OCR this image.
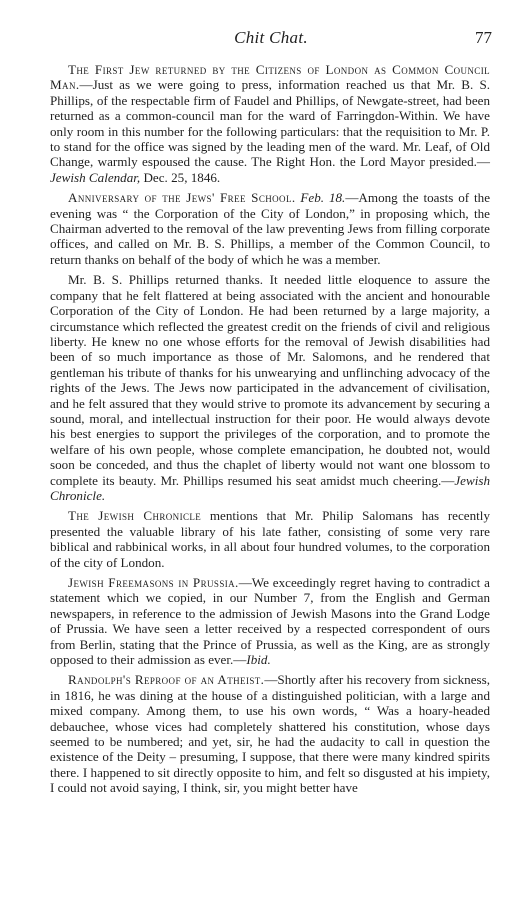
Chit Chat.	77

The First Jew returned by the Citizens of London as Common Council Man.—Just as we were going to press, information reached us that Mr. B. S. Phillips, of the respectable firm of Faudel and Phillips, of Newgate-street, had been returned as a common-council man for the ward of Farringdon-Within. We have only room in this number for the following particulars: that the requisition to Mr. P. to stand for the office was signed by the leading men of the ward. Mr. Leaf, of Old Change, warmly espoused the cause. The Right Hon. the Lord Mayor presided.—Jewish Calendar, Dec. 25, 1846.

Anniversary of the Jews' Free School. Feb. 18.—Among the toasts of the evening was “ the Corporation of the City of London,” in proposing which, the Chairman adverted to the removal of the law preventing Jews from filling corporate offices, and called on Mr. B. S. Phillips, a member of the Common Council, to return thanks on behalf of the body of which he was a member.

Mr. B. S. Phillips returned thanks. It needed little eloquence to assure the company that he felt flattered at being associated with the ancient and honourable Corporation of the City of London. He had been returned by a large majority, a circumstance which reflected the greatest credit on the friends of civil and religious liberty. He knew no one whose efforts for the removal of Jewish disabilities had been of so much importance as those of Mr. Salomons, and he rendered that gentleman his tribute of thanks for his unwearying and unflinching advocacy of the rights of the Jews. The Jews now participated in the advancement of civilisation, and he felt assured that they would strive to promote its advancement by securing a sound, moral, and intellectual instruction for their poor. He would always devote his best energies to support the privileges of the corporation, and to promote the welfare of his own people, whose complete emancipation, he doubted not, would soon be conceded, and thus the chaplet of liberty would not want one blossom to complete its beauty. Mr. Phillips resumed his seat amidst much cheering.—Jewish Chronicle.

The Jewish Chronicle mentions that Mr. Philip Salomans has recently presented the valuable library of his late father, consisting of some very rare biblical and rabbinical works, in all about four hundred volumes, to the corporation of the city of London.

Jewish Freemasons in Prussia.—We exceedingly regret having to contradict a statement which we copied, in our Number 7, from the English and German newspapers, in reference to the admission of Jewish Masons into the Grand Lodge of Prussia. We have seen a letter received by a respected correspondent of ours from Berlin, stating that the Prince of Prussia, as well as the King, are as strongly opposed to their admission as ever.—Ibid.

Randolph's Reproof of an Atheist.—Shortly after his recovery from sickness, in 1816, he was dining at the house of a distinguished politician, with a large and mixed company. Among them, to use his own words, “ Was a hoary-headed debauchee, whose vices had completely shattered his constitution, whose days seemed to be numbered; and yet, sir, he had the audacity to call in question the existence of the Deity – presuming, I suppose, that there were many kindred spirits there. I happened to sit directly opposite to him, and felt so disgusted at his impiety, I could not avoid saying, I think, sir, you might better have
